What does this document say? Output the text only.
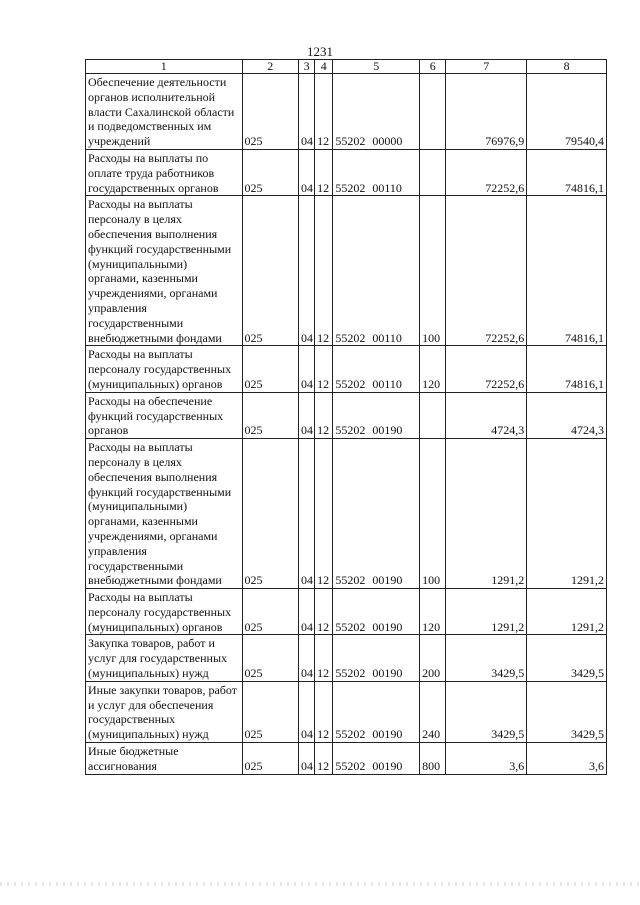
1231
1	2	3	4	5	6	7	8
Обеспечение деятельности органов исполнительной власти Сахалинской области и подведомственных им учреждений	025	04	12	55202 00000		76976,9	79540,4
Расходы на выплаты по оплате труда работников государственных органов	025	04	12	55202 00110		72252,6	74816,1
Расходы на выплаты персоналу в целях обеспечения выполнения функций государственными (муниципальными) органами, казенными учреждениями, органами управления государственными внебюджетными фондами	025	04	12	55202 00110	100	72252,6	74816,1
Расходы на выплаты персоналу государственных (муниципальных) органов	025	04	12	55202 00110	120	72252,6	74816,1
Расходы на обеспечение функций государственных органов	025	04	12	55202 00190		4724,3	4724,3
Расходы на выплаты персоналу в целях обеспечения выполнения функций государственными (муниципальными) органами, казенными учреждениями, органами управления государственными внебюджетными фондами	025	04	12	55202 00190	100	1291,2	1291,2
Расходы на выплаты персоналу государственных (муниципальных) органов	025	04	12	55202 00190	120	1291,2	1291,2
Закупка товаров, работ и услуг для государственных (муниципальных) нужд	025	04	12	55202 00190	200	3429,5	3429,5
Иные закупки товаров, работ и услуг для обеспечения государственных (муниципальных) нужд	025	04	12	55202 00190	240	3429,5	3429,5
Иные бюджетные ассигнования	025	04	12	55202 00190	800	3,6	3,6
